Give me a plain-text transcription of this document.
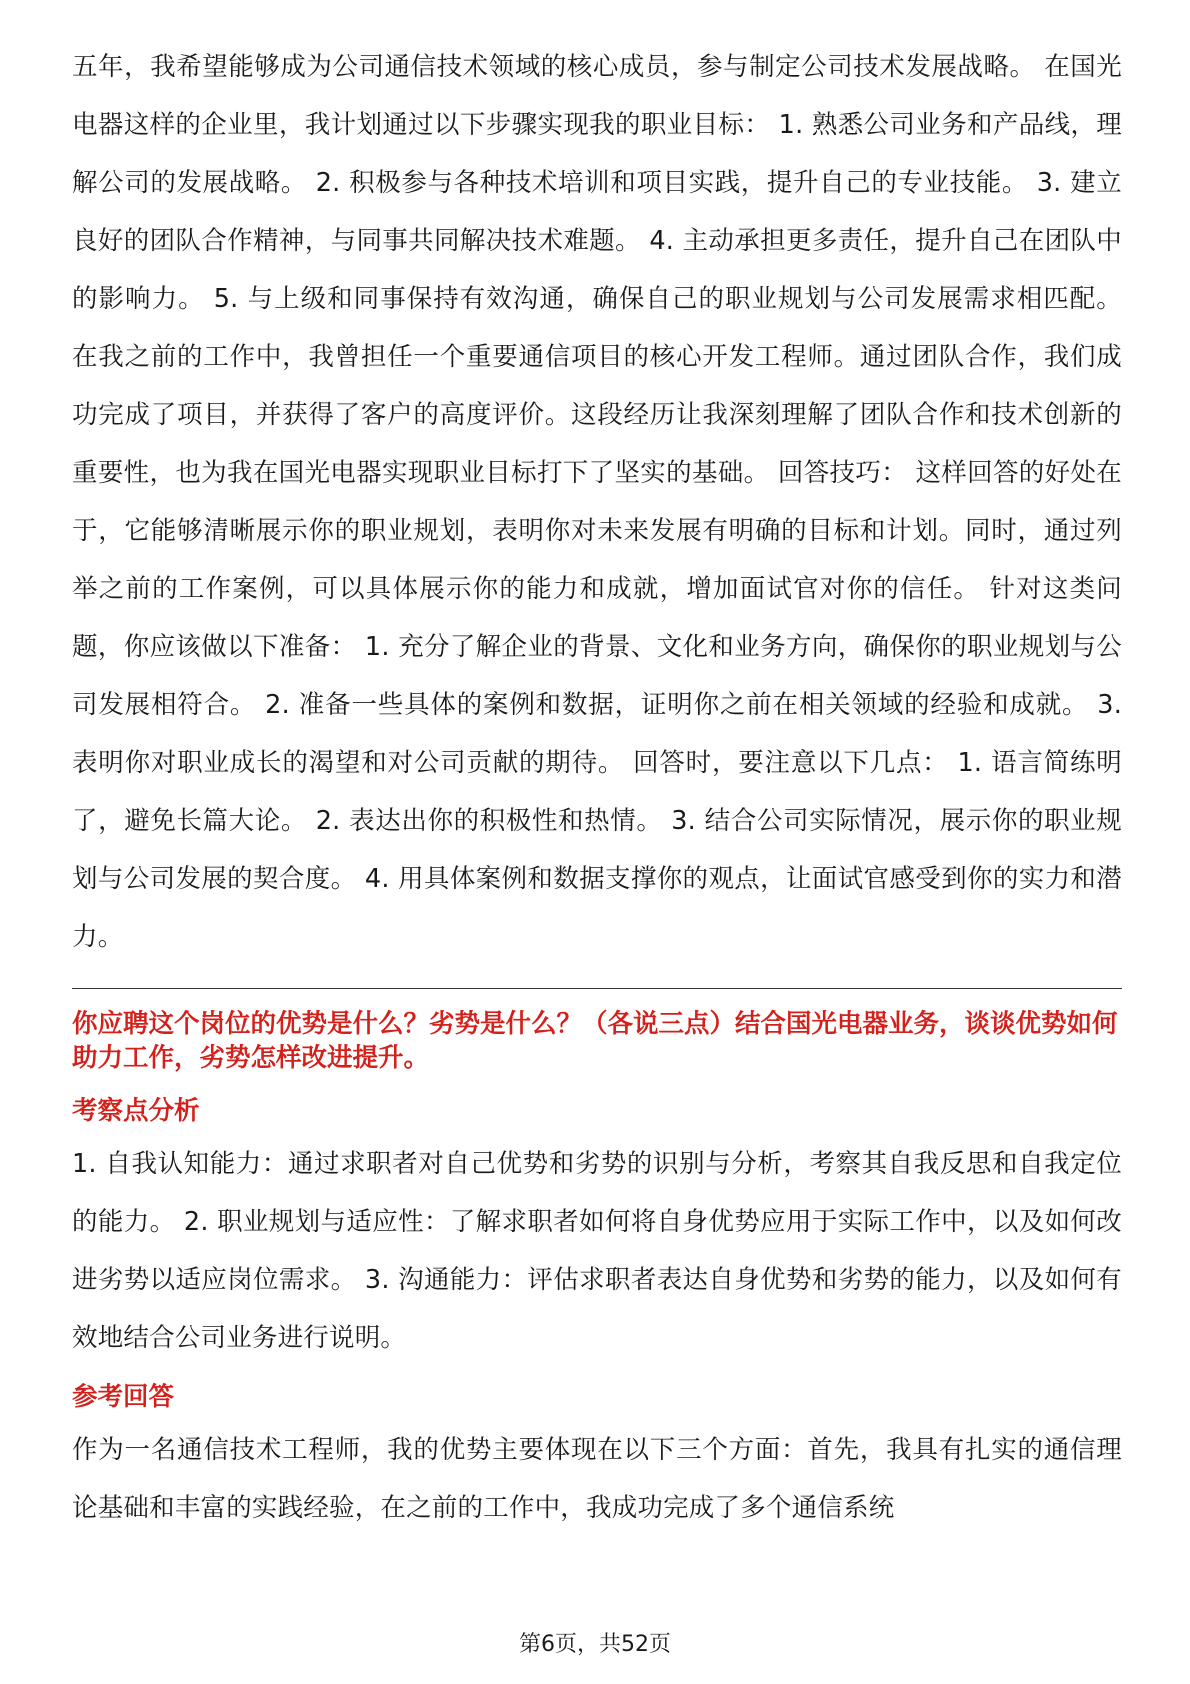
五年，我希望能够成为公司通信技术领域的核心成员，参与制定公司技术发展战略。 在国光电器这样的企业里，我计划通过以下步骤实现我的职业目标： 1. 熟悉公司业务和产品线，理解公司的发展战略。 2. 积极参与各种技术培训和项目实践，提升自己的专业技能。 3. 建立良好的团队合作精神，与同事共同解决技术难题。 4. 主动承担更多责任，提升自己在团队中的影响力。 5. 与上级和同事保持有效沟通，确保自己的职业规划与公司发展需求相匹配。 在我之前的工作中，我曾担任一个重要通信项目的核心开发工程师。通过团队合作，我们成功完成了项目，并获得了客户的高度评价。这段经历让我深刻理解了团队合作和技术创新的重要性，也为我在国光电器实现职业目标打下了坚实的基础。 回答技巧： 这样回答的好处在于，它能够清晰展示你的职业规划，表明你对未来发展有明确的目标和计划。同时，通过列举之前的工作案例，可以具体展示你的能力和成就，增加面试官对你的信任。 针对这类问题，你应该做以下准备： 1. 充分了解企业的背景、文化和业务方向，确保你的职业规划与公司发展相符合。 2. 准备一些具体的案例和数据，证明你之前在相关领域的经验和成就。 3. 表明你对职业成长的渴望和对公司贡献的期待。 回答时，要注意以下几点： 1. 语言简练明了，避免长篇大论。 2. 表达出你的积极性和热情。 3. 结合公司实际情况，展示你的职业规划与公司发展的契合度。 4. 用具体案例和数据支撑你的观点，让面试官感受到你的实力和潜力。

你应聘这个岗位的优势是什么？劣势是什么？（各说三点）结合国光电器业务，谈谈优势如何助力工作，劣势怎样改进提升。

考察点分析

1. 自我认知能力：通过求职者对自己优势和劣势的识别与分析，考察其自我反思和自我定位的能力。 2. 职业规划与适应性：了解求职者如何将自身优势应用于实际工作中，以及如何改进劣势以适应岗位需求。 3. 沟通能力：评估求职者表达自身优势和劣势的能力，以及如何有效地结合公司业务进行说明。

参考回答

作为一名通信技术工程师，我的优势主要体现在以下三个方面：首先，我具有扎实的通信理论基础和丰富的实践经验，在之前的工作中，我成功完成了多个通信系统

第6页，共52页
